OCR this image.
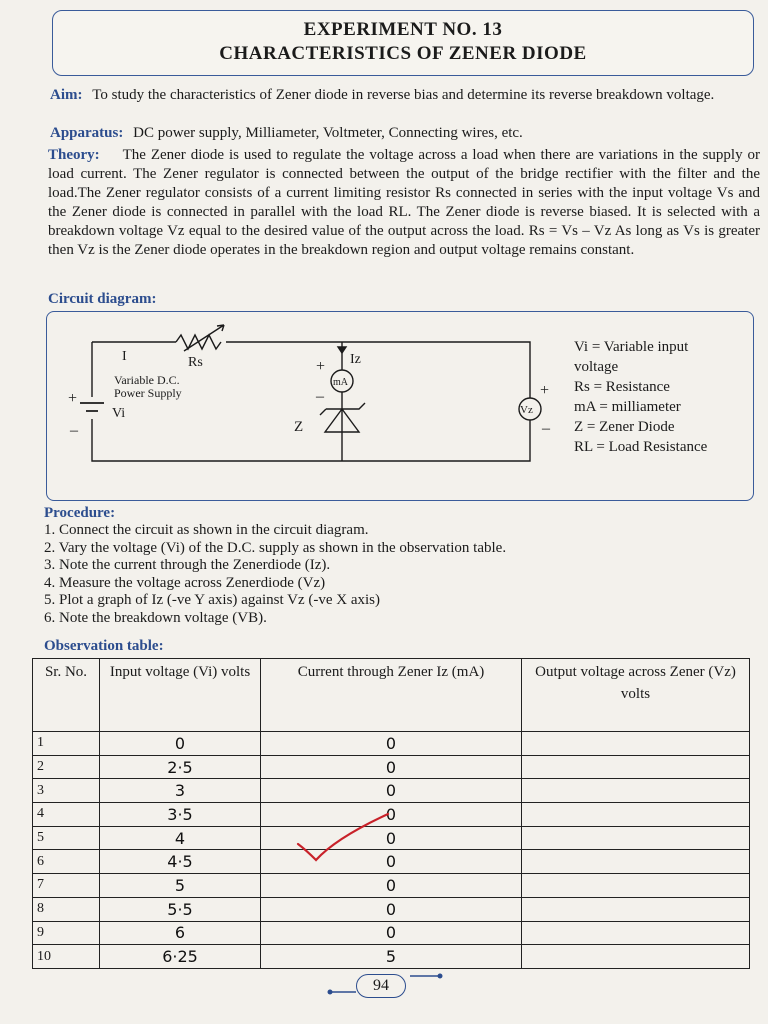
EXPERIMENT NO. 13
CHARACTERISTICS OF ZENER DIODE
Aim: To study the characteristics of Zener diode in reverse bias and determine its reverse breakdown voltage.
Apparatus: DC power supply, Milliameter, Voltmeter, Connecting wires, etc.
Theory: The Zener diode is used to regulate the voltage across a load when there are variations in the supply or load current. The Zener regulator is connected between the output of the bridge rectifier with the filter and the load.The Zener regulator consists of a current limiting resistor Rs connected in series with the input voltage Vs and the Zener diode is connected in parallel with the load RL. The Zener diode is reverse biased. It is selected with a breakdown voltage Vz equal to the desired value of the output across the load. Rs = Vs – Vz As long as Vs is greater then Vz is the Zener diode operates in the breakdown region and output voltage remains constant.
Circuit diagram:
I	Rs
Variable D.C.
Power Supply
Vi
+
–
Iz
+
–
mA
Z
Vz
+
–
Vi = Variable input
voltage
Rs = Resistance
mA = milliameter
Z = Zener Diode
RL = Load Resistance
Procedure:
1. Connect the circuit as shown in the circuit diagram.
2. Vary the voltage (Vi) of the D.C. supply as shown in the observation table.
3. Note the current through the Zenerdiode (Iz).
4. Measure the voltage across Zenerdiode (Vz)
5. Plot a graph of Iz (-ve Y axis) against Vz (-ve X axis)
6. Note the breakdown voltage (VB).
Observation table:
Sr. No.	Input voltage (Vi) volts	Current through Zener Iz (mA)	Output voltage across Zener (Vz) volts
1	0	0	
2	2·5	0	
3	3	0	
4	3·5	0	
5	4	0	
6	4·5	0	
7	5	0	
8	5·5	0	
9	6	0	
10	6·25	5	
94
